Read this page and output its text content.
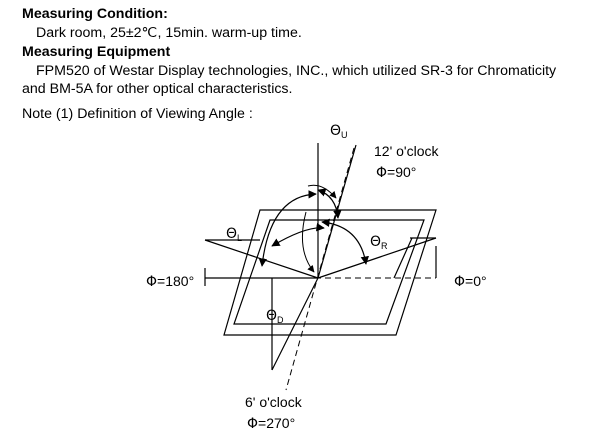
Measuring Condition:
Dark room, 25±2℃, 15min. warm-up time.
Measuring Equipment
FPM520 of Westar Display technologies, INC., which utilized SR-3 for Chromaticity
and BM-5A for other optical characteristics.
Note (1) Definition of Viewing Angle :
$\Theta_U$
12' o'clock
Φ=90°
$\Theta_L$	$\Theta_R$
Φ=180°	Φ=0°
$\Theta_D$
6' o'clock
Φ=270°
